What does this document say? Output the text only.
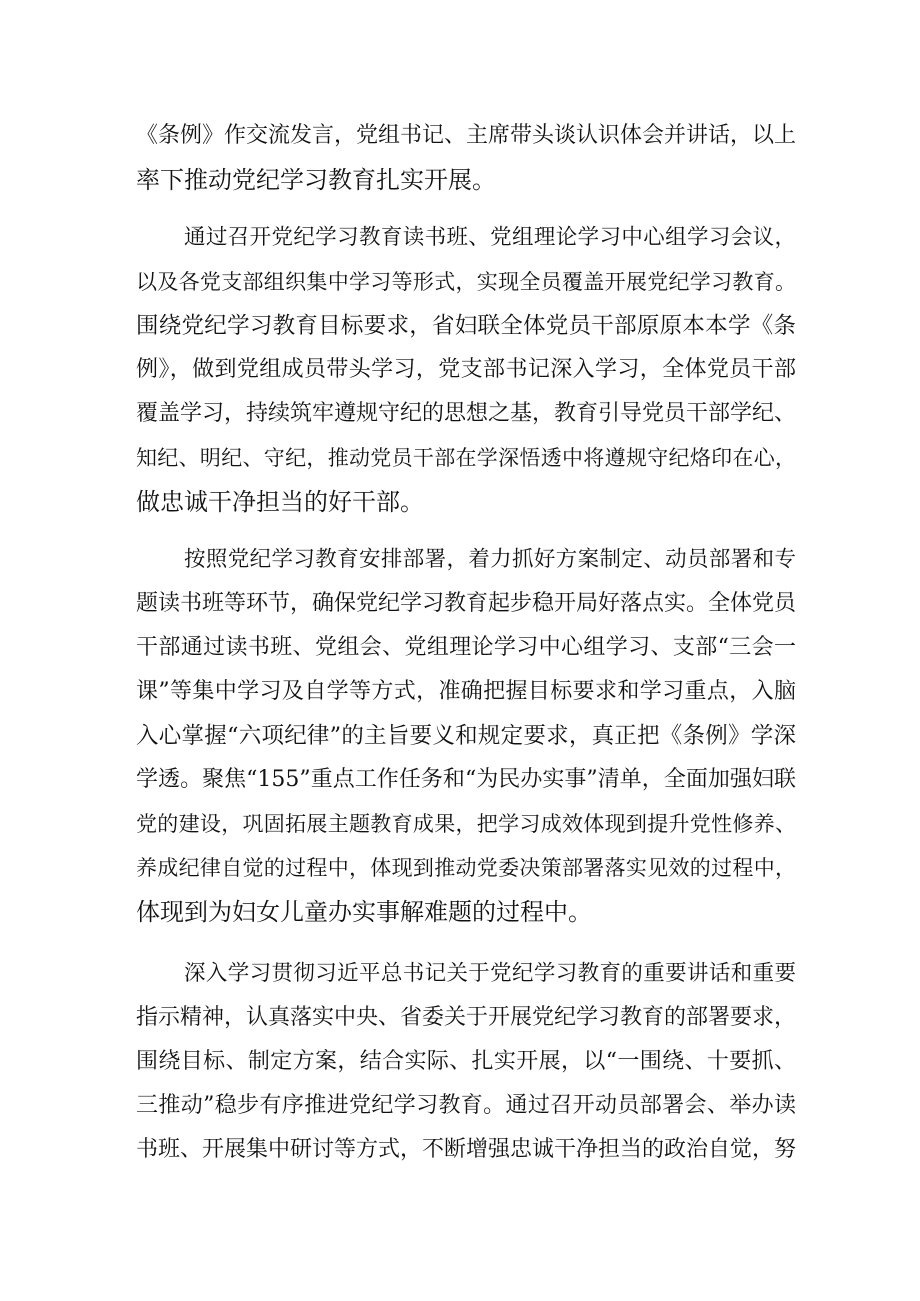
《条例》作交流发言，党组书记、主席带头谈认识体会并讲话，以上
率下推动党纪学习教育扎实开展。
通过召开党纪学习教育读书班、党组理论学习中心组学习会议，
以及各党支部组织集中学习等形式，实现全员覆盖开展党纪学习教育。
围绕党纪学习教育目标要求，省妇联全体党员干部原原本本学《条
例》，做到党组成员带头学习，党支部书记深入学习，全体党员干部
覆盖学习，持续筑牢遵规守纪的思想之基，教育引导党员干部学纪、
知纪、明纪、守纪，推动党员干部在学深悟透中将遵规守纪烙印在心，
做忠诚干净担当的好干部。
按照党纪学习教育安排部署，着力抓好方案制定、动员部署和专
题读书班等环节，确保党纪学习教育起步稳开局好落点实。全体党员
干部通过读书班、党组会、党组理论学习中心组学习、支部“三会一
课”等集中学习及自学等方式，准确把握目标要求和学习重点，入脑
入心掌握“六项纪律”的主旨要义和规定要求，真正把《条例》学深
学透。聚焦“155”重点工作任务和“为民办实事”清单，全面加强妇联
党的建设，巩固拓展主题教育成果，把学习成效体现到提升党性修养、
养成纪律自觉的过程中，体现到推动党委决策部署落实见效的过程中，
体现到为妇女儿童办实事解难题的过程中。
深入学习贯彻习近平总书记关于党纪学习教育的重要讲话和重要
指示精神，认真落实中央、省委关于开展党纪学习教育的部署要求，
围绕目标、制定方案，结合实际、扎实开展，以“一围绕、十要抓、
三推动”稳步有序推进党纪学习教育。通过召开动员部署会、举办读
书班、开展集中研讨等方式，不断增强忠诚干净担当的政治自觉，努
